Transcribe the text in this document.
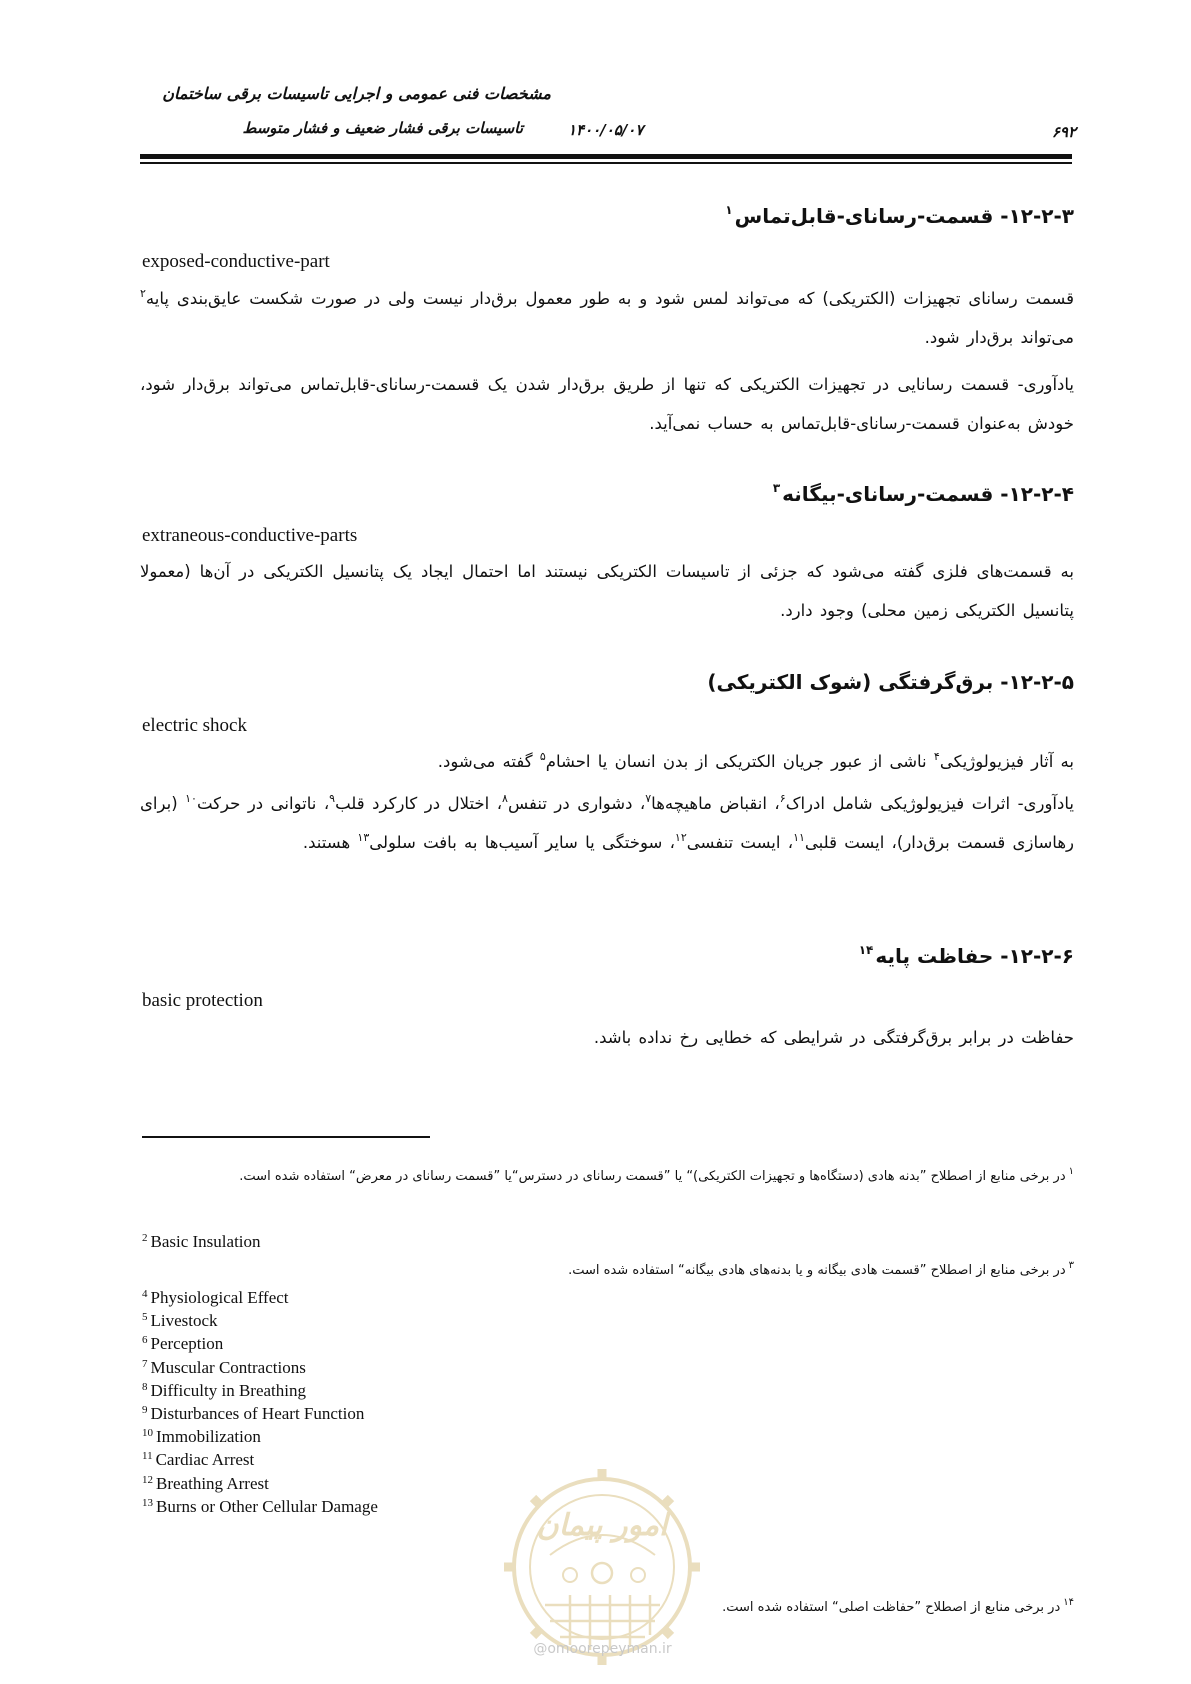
مشخصات فنی عمومی و اجرایی تاسیسات برقی ساختمان
تاسیسات برقی فشار ضعیف و فشار متوسط	۱۴۰۰/۰۵/۰۷	۶۹۲
۱۲-۲-۳- قسمت-رسانای-قابل‌تماس$^۱$
exposed-conductive-part
قسمت رسانای تجهیزات (الکتریکی) که می‌تواند لمس شود و به طور معمول برق‌دار نیست ولی در صورت شکست عایق‌بندی پایه$^۲$ می‌تواند برق‌دار شود.
یادآوری- قسمت رسانایی در تجهیزات الکتریکی که تنها از طریق برق‌دار شدن یک قسمت-رسانای-قابل‌تماس می‌تواند برق‌دار شود، خودش به‌عنوان قسمت-رسانای-قابل‌تماس به حساب نمی‌آید.
۱۲-۲-۴- قسمت-رسانای-بیگانه$^۳$
extraneous-conductive-parts
به قسمت‌های فلزی گفته می‌شود که جزئی از تاسیسات الکتریکی نیستند اما احتمال ایجاد یک پتانسیل الکتریکی در آن‌ها (معمولا پتانسیل الکتریکی زمین محلی) وجود دارد.
۱۲-۲-۵- برق‌گرفتگی (شوک الکتریکی)
electric shock
به آثار فیزیولوژیکی$^۴$ ناشی از عبور جریان الکتریکی از بدن انسان یا احشام$^۵$ گفته می‌شود.
یادآوری- اثرات فیزیولوژیکی شامل ادراک$^۶$، انقباض ماهیچه‌ها$^۷$، دشواری در تنفس$^۸$، اختلال در کارکرد قلب$^۹$، ناتوانی در حرکت$^{۱۰}$ (برای رهاسازی قسمت برق‌دار)، ایست قلبی$^{۱۱}$، ایست تنفسی$^{۱۲}$، سوختگی یا سایر آسیب‌ها به بافت سلولی$^{۱۳}$ هستند.
۱۲-۲-۶- حفاظت پایه$^{۱۴}$
basic protection
حفاظت در برابر برق‌گرفتگی در شرایطی که خطایی رخ نداده باشد.
$^۱$در برخی منابع از اصطلاح ”بدنه هادی (دستگاه‌ها و تجهیزات الکتریکی)“ یا ”قسمت رسانای در دسترس“یا ”قسمت رسانای در معرض“ استفاده شده است.
$^2$ Basic Insulation
$^۳$در برخی منابع از اصطلاح ”قسمت هادی بیگانه و یا بدنه‌های هادی بیگانه“ استفاده شده است.
$^4$ Physiological Effect
$^5$ Livestock
$^6$ Perception
$^7$ Muscular Contractions
$^8$ Difficulty in Breathing
$^9$ Disturbances of Heart Function
$^{10}$ Immobilization
$^{11}$ Cardiac Arrest
$^{12}$ Breathing Arrest
$^{13}$ Burns or Other Cellular Damage
$^{۱۴}$در برخی منابع از اصطلاح ”حفاظت اصلی“ استفاده شده است.
امور پیمان
@omoorepeyman.ir
